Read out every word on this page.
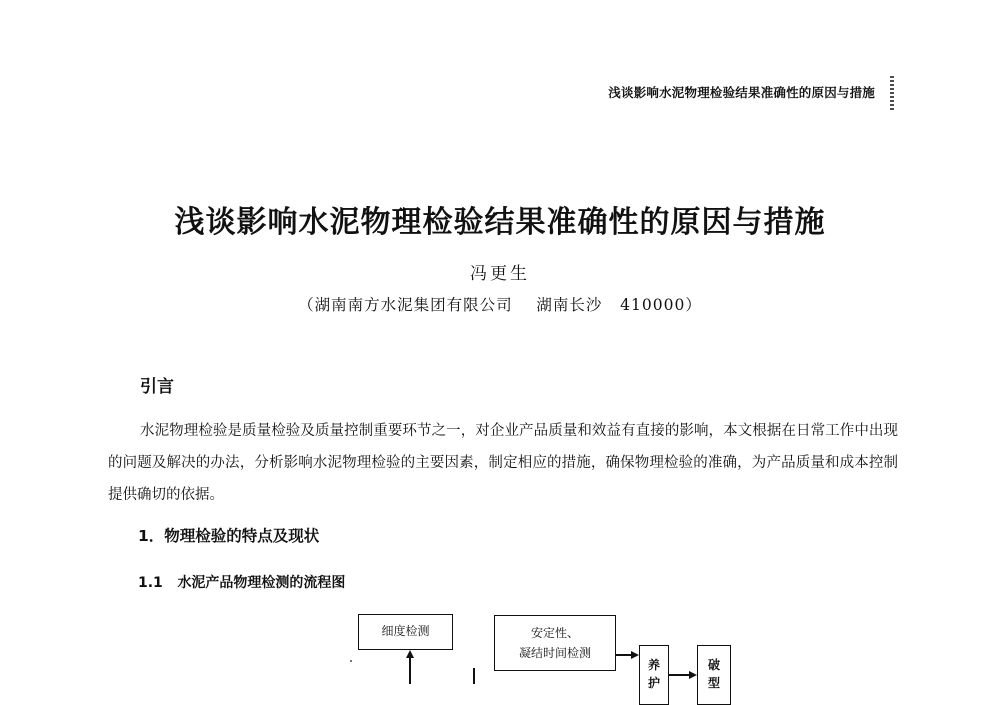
浅谈影响水泥物理检验结果准确性的原因与措施
浅谈影响水泥物理检验结果准确性的原因与措施
冯更生
（湖南南方水泥集团有限公司    湖南长沙   410000）
引言
水泥物理检验是质量检验及质量控制重要环节之一，对企业产品质量和效益有直接的影响，本文根据在日常工作中出现的问题及解决的办法，分析影响水泥物理检验的主要因素，制定相应的措施，确保物理检验的准确，为产品质量和成本控制提供确切的依据。
1．物理检验的特点及现状
1.1 水泥产品物理检测的流程图
细度检测	安定性、
凝结时间检测
养
护
破
型
